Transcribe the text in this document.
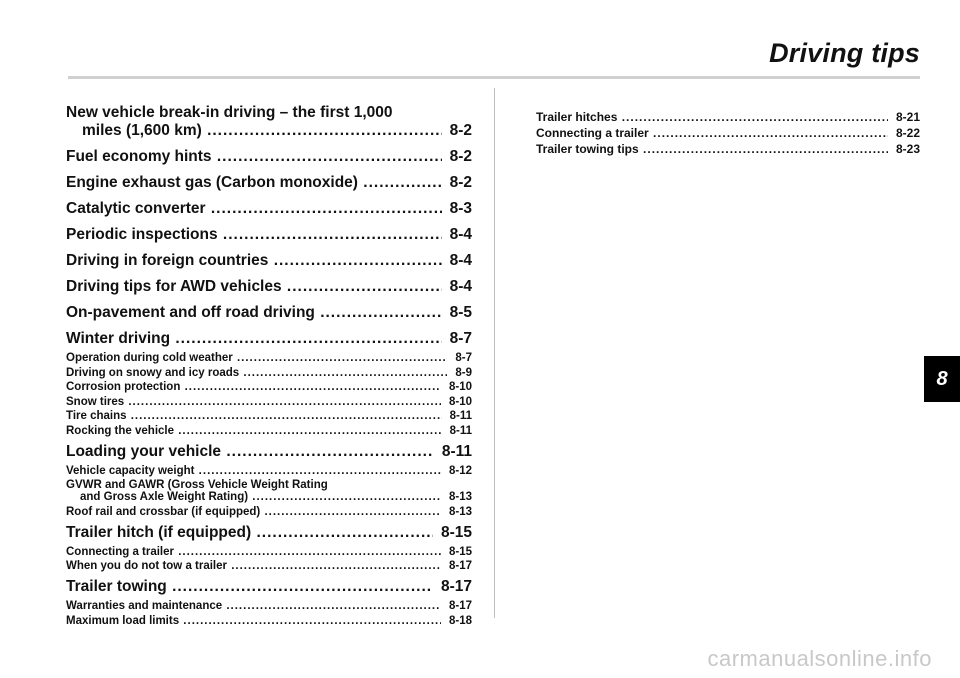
Driving tips
New vehicle break-in driving – the first 1,000
miles (1,600 km) .....	8-2
Fuel economy hints .....	8-2
Engine exhaust gas (Carbon monoxide) .....	8-2
Catalytic converter .....	8-3
Periodic inspections .....	8-4
Driving in foreign countries .....	8-4
Driving tips for AWD vehicles .....	8-4
On-pavement and off road driving .....	8-5
Winter driving .....	8-7
Operation during cold weather .....	8-7
Driving on snowy and icy roads .....	8-9
Corrosion protection .....	8-10
Snow tires .....	8-10
Tire chains .....	8-11
Rocking the vehicle .....	8-11
Loading your vehicle .....	8-11
Vehicle capacity weight .....	8-12
GVWR and GAWR (Gross Vehicle Weight Rating
and Gross Axle Weight Rating) .....	8-13
Roof rail and crossbar (if equipped) .....	8-13
Trailer hitch (if equipped) .....	8-15
Connecting a trailer .....	8-15
When you do not tow a trailer .....	8-17
Trailer towing .....	8-17
Warranties and maintenance .....	8-17
Maximum load limits .....	8-18
Trailer hitches .....	8-21
Connecting a trailer .....	8-22
Trailer towing tips .....	8-23
8
carmanualsonline.info
